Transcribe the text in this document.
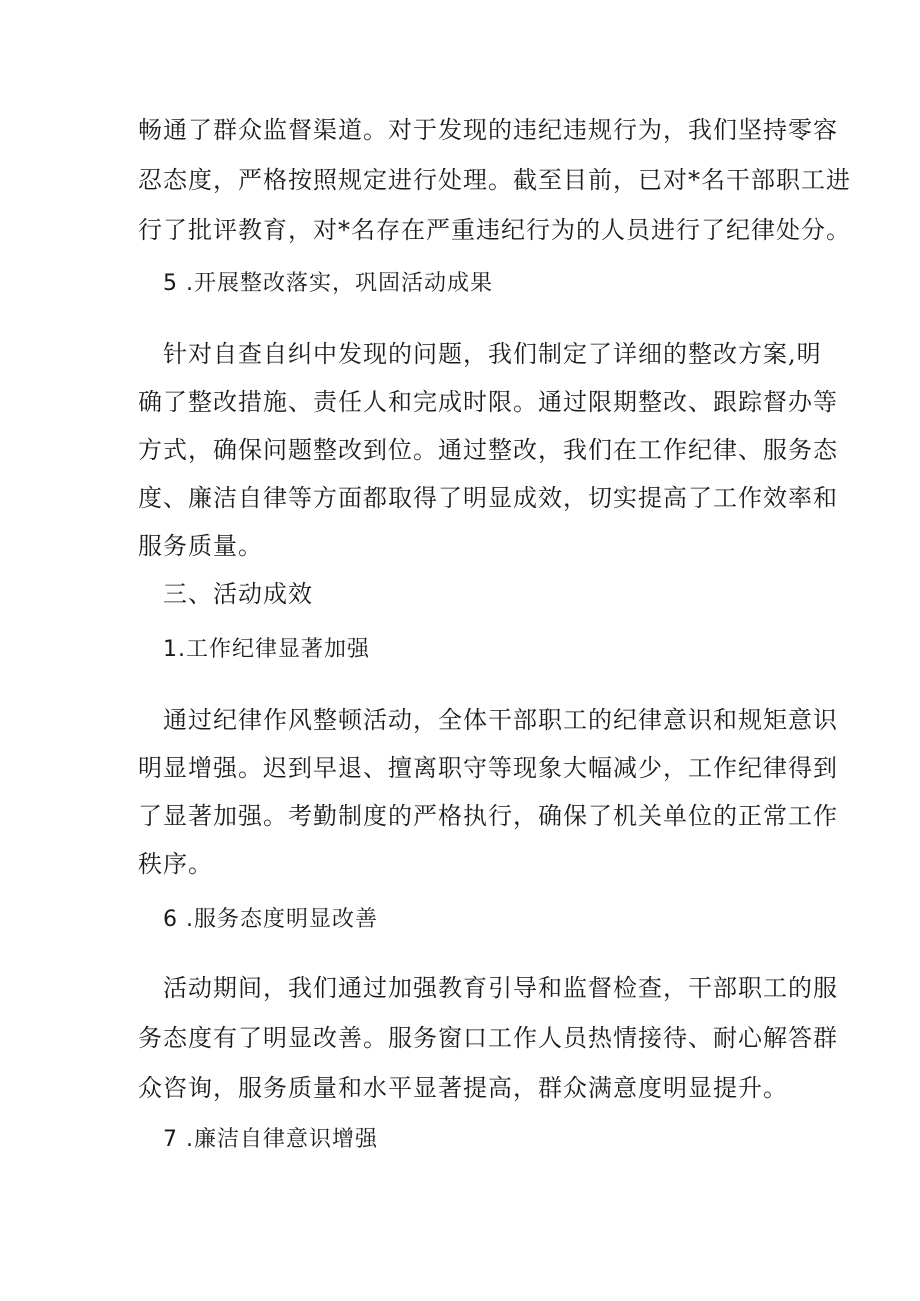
畅通了群众监督渠道。对于发现的违纪违规行为，我们坚持零容
忍态度，严格按照规定进行处理。截至目前，已对*名干部职工进
行了批评教育，对*名存在严重违纪行为的人员进行了纪律处分。
5 .开展整改落实，巩固活动成果
针对自查自纠中发现的问题，我们制定了详细的整改方案,明
确了整改措施、责任人和完成时限。通过限期整改、跟踪督办等
方式，确保问题整改到位。通过整改，我们在工作纪律、服务态
度、廉洁自律等方面都取得了明显成效，切实提高了工作效率和
服务质量。
三、活动成效
1.工作纪律显著加强
通过纪律作风整顿活动，全体干部职工的纪律意识和规矩意识
明显增强。迟到早退、擅离职守等现象大幅减少，工作纪律得到
了显著加强。考勤制度的严格执行，确保了机关单位的正常工作
秩序。
6 .服务态度明显改善
活动期间，我们通过加强教育引导和监督检查，干部职工的服
务态度有了明显改善。服务窗口工作人员热情接待、耐心解答群
众咨询，服务质量和水平显著提高，群众满意度明显提升。
7 .廉洁自律意识增强
